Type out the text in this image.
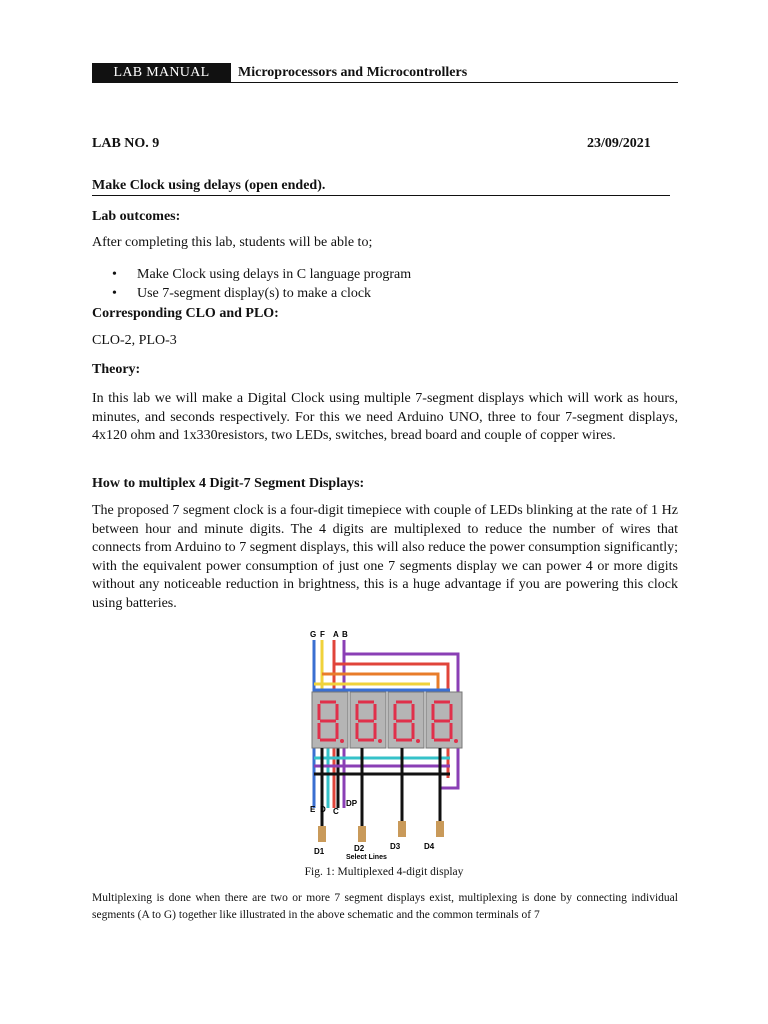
LAB MANUAL	Microprocessors and Microcontrollers
LAB NO. 9	23/09/2021
Make Clock using delays (open ended).
Lab outcomes:
After completing this lab, students will be able to;
• Make Clock using delays in C language program
• Use 7-segment display(s) to make a clock
Corresponding CLO and PLO:
CLO-2, PLO-3
Theory:
In this lab we will make a Digital Clock using multiple 7-segment displays which will work as hours, minutes, and seconds respectively. For this we need Arduino UNO, three to four 7-segment displays, 4x120 ohm and 1x330resistors, two LEDs, switches, bread board and couple of copper wires.
How to multiplex 4 Digit-7 Segment Displays:
The proposed 7 segment clock is a four-digit timepiece with couple of LEDs blinking at the rate of 1 Hz between hour and minute digits. The 4 digits are multiplexed to reduce the number of wires that connects from Arduino to 7 segment displays, this will also reduce the power consumption significantly; with the equivalent power consumption of just one 7 segments display we can power 4 or more digits without any noticeable reduction in brightness, this is a huge advantage if you are powering this clock using batteries.
G F A B
E D C
DP
D1	D2	D3	D4
Select Lines
Fig. 1: Multiplexed 4-digit display
Multiplexing is done when there are two or more 7 segment displays exist, multiplexing is done by connecting individual segments (A to G) together like illustrated in the above schematic and the common terminals of 7
